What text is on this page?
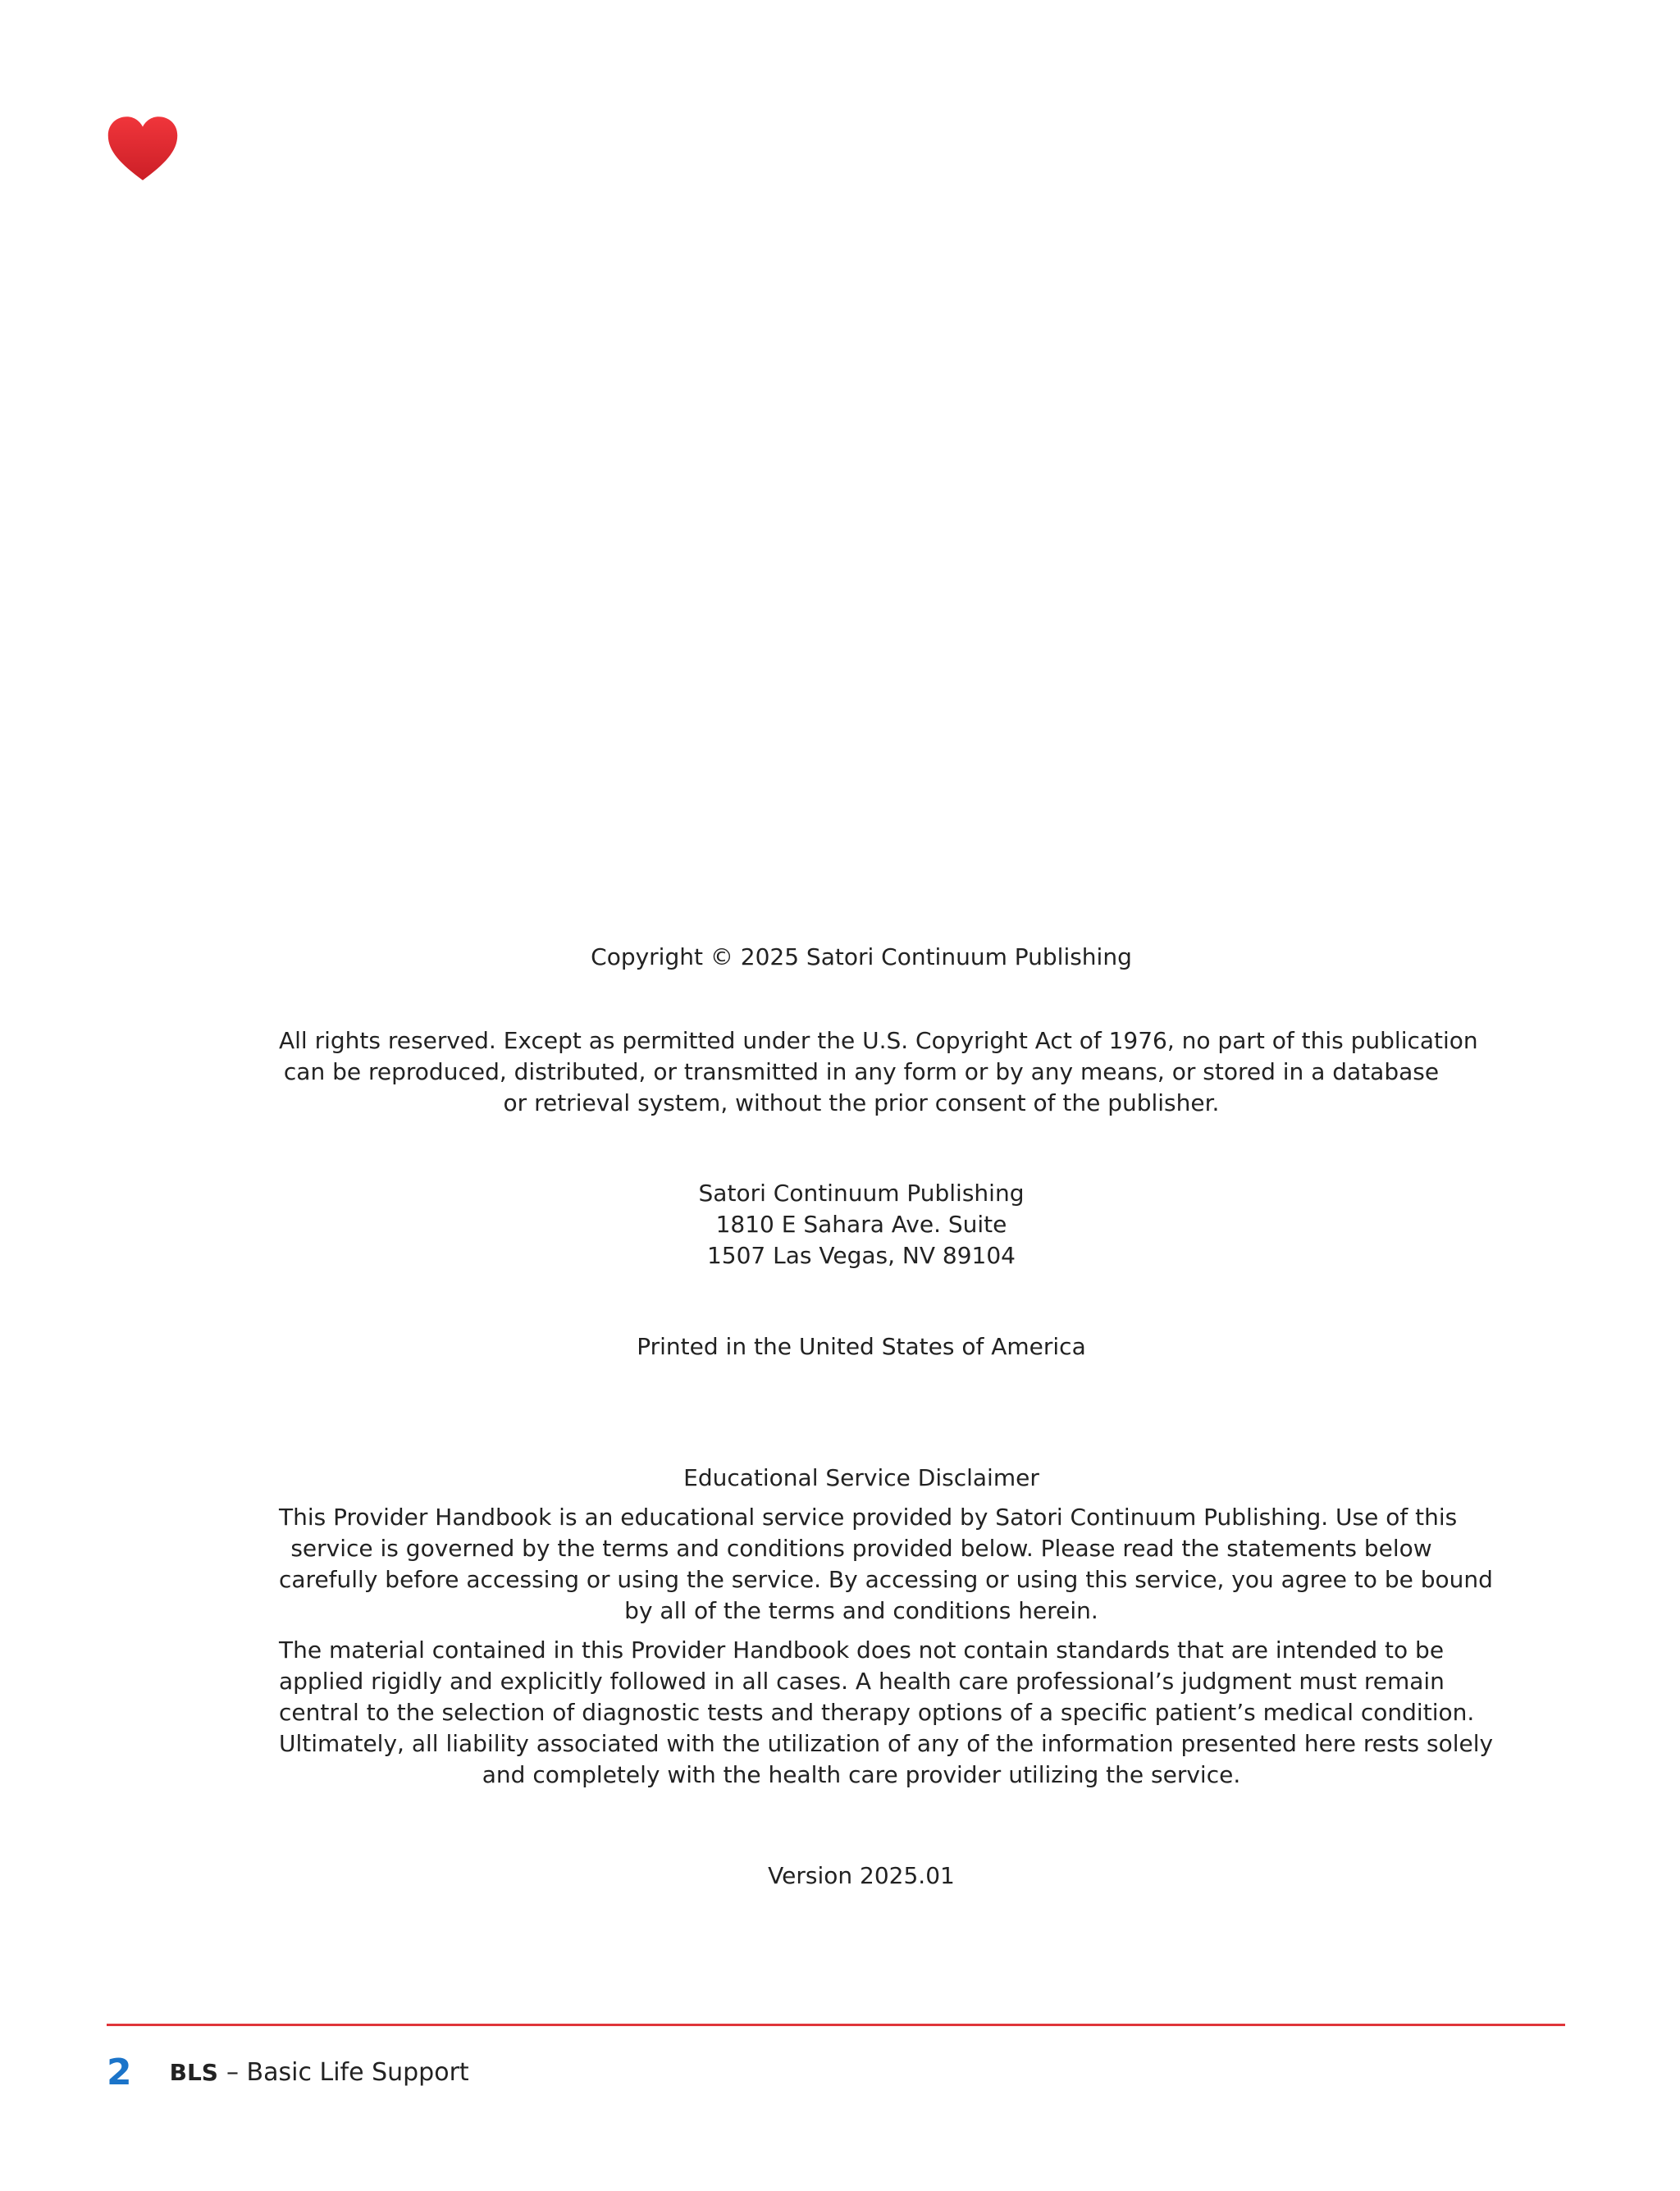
Copyright © 2025 Satori Continuum Publishing
All rights reserved. Except as permitted under the U.S. Copyright Act of 1976, no part of this publication
can be reproduced, distributed, or transmitted in any form or by any means, or stored in a database
or retrieval system, without the prior consent of the publisher.
Satori Continuum Publishing
1810 E Sahara Ave. Suite
1507 Las Vegas, NV 89104
Printed in the United States of America
Educational Service Disclaimer
This Provider Handbook is an educational service provided by Satori Continuum Publishing. Use of this
service is governed by the terms and conditions provided below. Please read the statements below
carefully before accessing or using the service. By accessing or using this service, you agree to be bound
by all of the terms and conditions herein.
The material contained in this Provider Handbook does not contain standards that are intended to be
applied rigidly and explicitly followed in all cases. A health care professional’s judgment must remain
central to the selection of diagnostic tests and therapy options of a specific patient’s medical condition.
Ultimately, all liability associated with the utilization of any of the information presented here rests solely
and completely with the health care provider utilizing the service.
Version 2025.01
2 BLS – Basic Life Support
